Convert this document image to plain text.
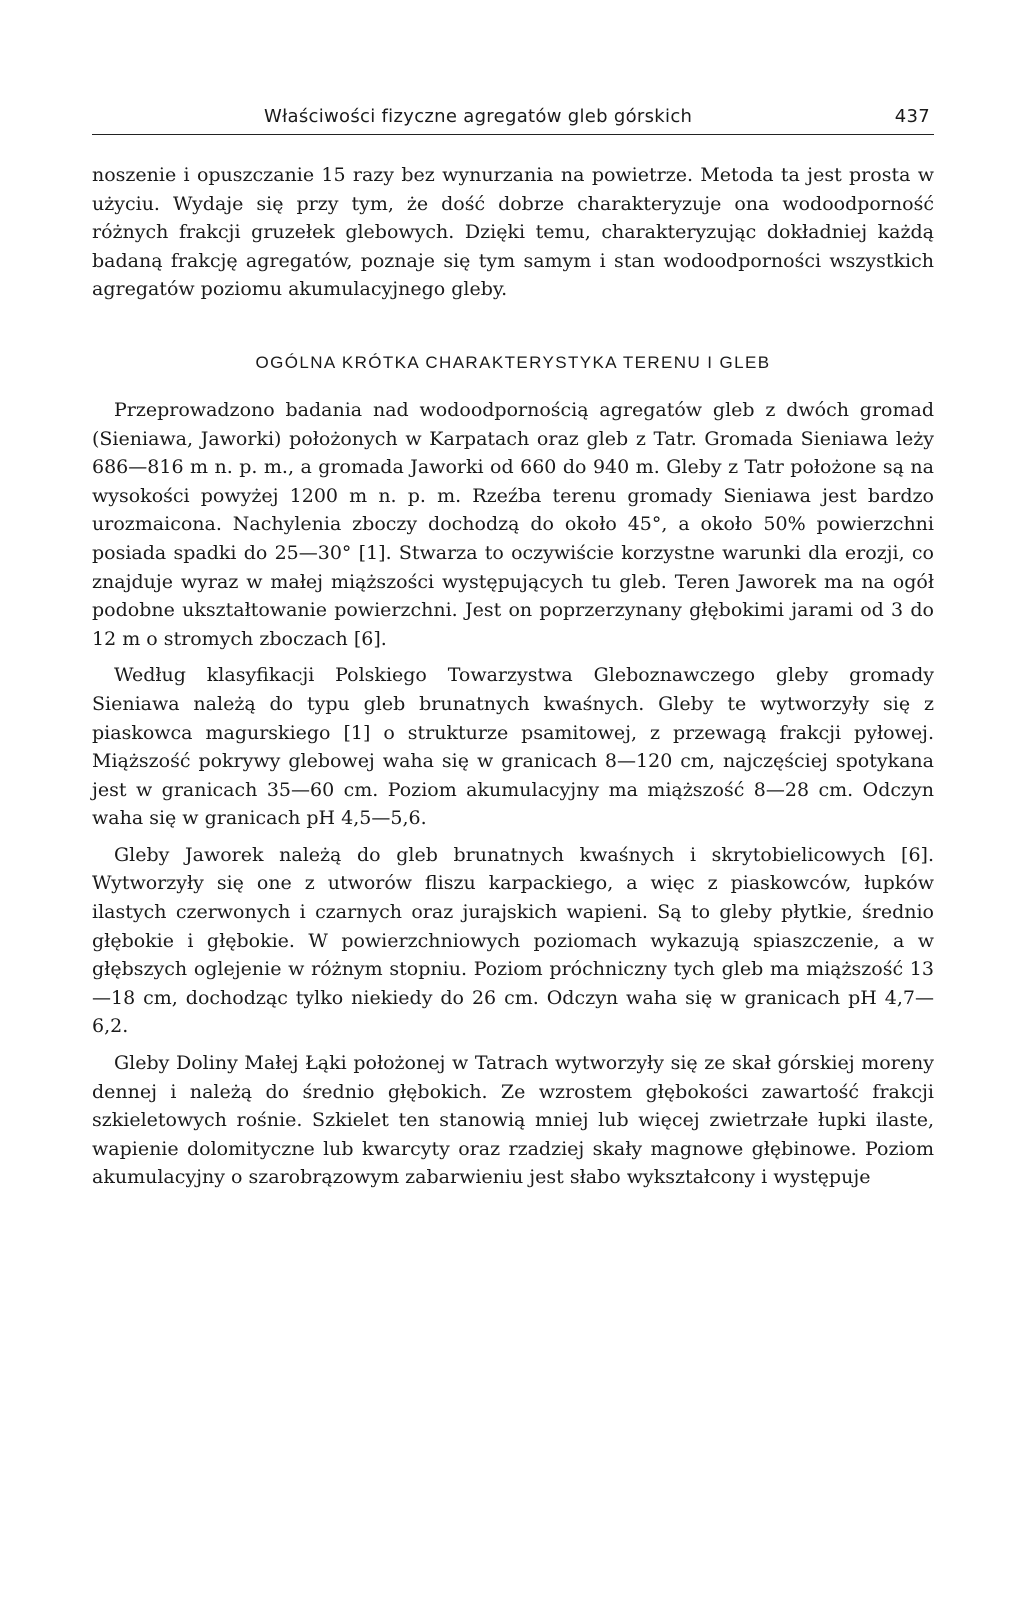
Właściwości fizyczne agregatów gleb górskich	437

noszenie i opuszczanie 15 razy bez wynurzania na powietrze. Metoda ta jest prosta w użyciu. Wydaje się przy tym, że dość dobrze charakteryzuje ona wodoodporność różnych frakcji gruzełek glebowych. Dzięki temu, charakteryzując dokładniej każdą badaną frakcję agregatów, poznaje się tym samym i stan wodoodporności wszystkich agregatów poziomu akumulacyjnego gleby.

OGÓLNA KRÓTKA CHARAKTERYSTYKA TERENU I GLEB

Przeprowadzono badania nad wodoodpornością agregatów gleb z dwóch gromad (Sieniawa, Jaworki) położonych w Karpatach oraz gleb z Tatr. Gromada Sieniawa leży 686—816 m n. p. m., a gromada Jaworki od 660 do 940 m. Gleby z Tatr położone są na wysokości powyżej 1200 m n. p. m. Rzeźba terenu gromady Sieniawa jest bardzo urozmaicona. Nachylenia zboczy dochodzą do około 45°, a około 50% powierzchni posiada spadki do 25—30° [1]. Stwarza to oczywiście korzystne warunki dla erozji, co znajduje wyraz w małej miąższości występujących tu gleb. Teren Jaworek ma na ogół podobne ukształtowanie powierzchni. Jest on poprzerzynany głębokimi jarami od 3 do 12 m o stromych zboczach [6].

Według klasyfikacji Polskiego Towarzystwa Gleboznawczego gleby gromady Sieniawa należą do typu gleb brunatnych kwaśnych. Gleby te wytworzyły się z piaskowca magurskiego [1] o strukturze psamitowej, z przewagą frakcji pyłowej. Miąższość pokrywy glebowej waha się w granicach 8—120 cm, najczęściej spotykana jest w granicach 35—60 cm. Poziom akumulacyjny ma miąższość 8—28 cm. Odczyn waha się w granicach pH 4,5—5,6.

Gleby Jaworek należą do gleb brunatnych kwaśnych i skrytobielicowych [6]. Wytworzyły się one z utworów fliszu karpackiego, a więc z piaskowców, łupków ilastych czerwonych i czarnych oraz jurajskich wapieni. Są to gleby płytkie, średnio głębokie i głębokie. W powierzchniowych poziomach wykazują spiaszczenie, a w głębszych oglejenie w różnym stopniu. Poziom próchniczny tych gleb ma miąższość 13—18 cm, dochodząc tylko niekiedy do 26 cm. Odczyn waha się w granicach pH 4,7—6,2.

Gleby Doliny Małej Łąki położonej w Tatrach wytworzyły się ze skał górskiej moreny dennej i należą do średnio głębokich. Ze wzrostem głębokości zawartość frakcji szkieletowych rośnie. Szkielet ten stanowią mniej lub więcej zwietrzałe łupki ilaste, wapienie dolomityczne lub kwarcyty oraz rzadziej skały magnowe głębinowe. Poziom akumulacyjny o szarobrązowym zabarwieniu jest słabo wykształcony i występuje
